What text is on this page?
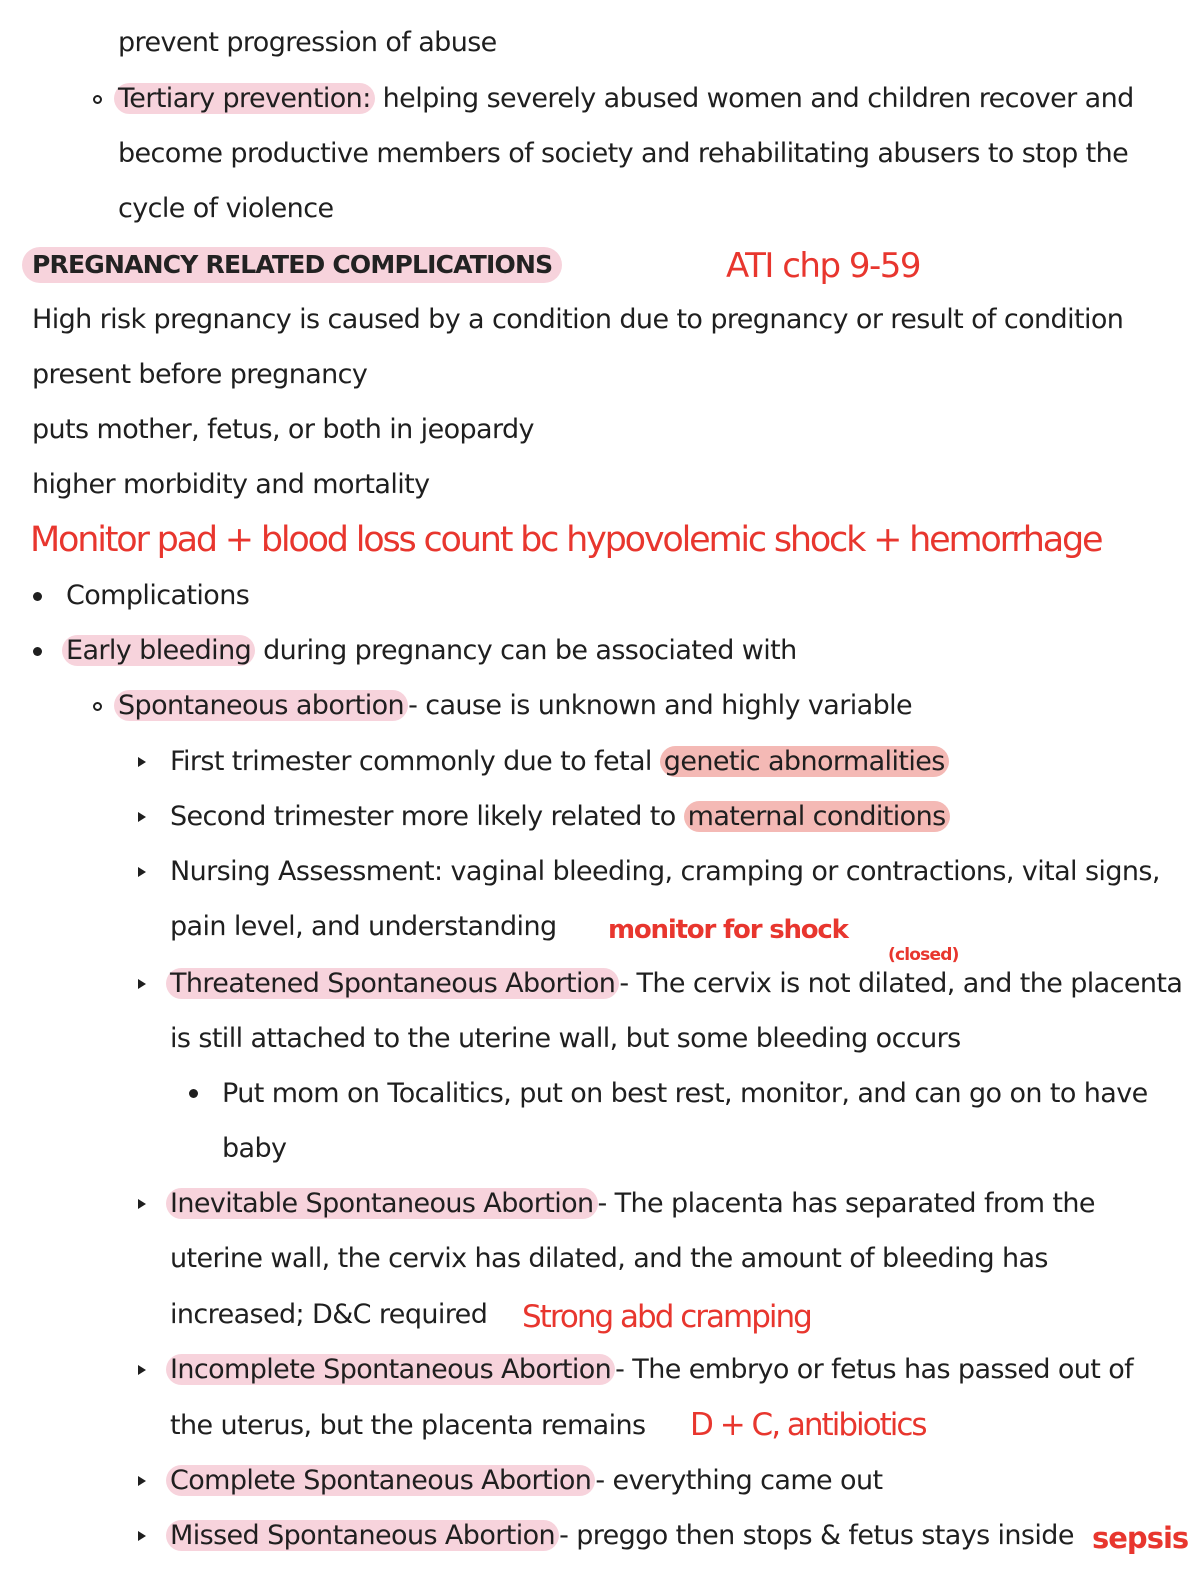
prevent progression of abuse
Tertiary prevention: helping severely abused women and children recover and
become productive members of society and rehabilitating abusers to stop the
cycle of violence
PREGNANCY RELATED COMPLICATIONS	ATI chp 9-59
High risk pregnancy is caused by a condition due to pregnancy or result of condition
present before pregnancy
puts mother, fetus, or both in jeopardy
higher morbidity and mortality
Monitor pad + blood loss count bc hypovolemic shock + hemorrhage
Complications
Early bleeding during pregnancy can be associated with
Spontaneous abortion - cause is unknown and highly variable
First trimester commonly due to fetal genetic abnormalities
Second trimester more likely related to maternal conditions
Nursing Assessment: vaginal bleeding, cramping or contractions, vital signs,
pain level, and understanding monitor for shock
(closed)
Threatened Spontaneous Abortion - The cervix is not dilated, and the placenta
is still attached to the uterine wall, but some bleeding occurs
Put mom on Tocalitics, put on best rest, monitor, and can go on to have
baby
Inevitable Spontaneous Abortion - The placenta has separated from the
uterine wall, the cervix has dilated, and the amount of bleeding has
increased; D&C required Strong abd cramping
Incomplete Spontaneous Abortion - The embryo or fetus has passed out of
the uterus, but the placenta remains D + C, antibiotics
Complete Spontaneous Abortion - everything came out
Missed Spontaneous Abortion - preggo then stops & fetus stays inside sepsis
